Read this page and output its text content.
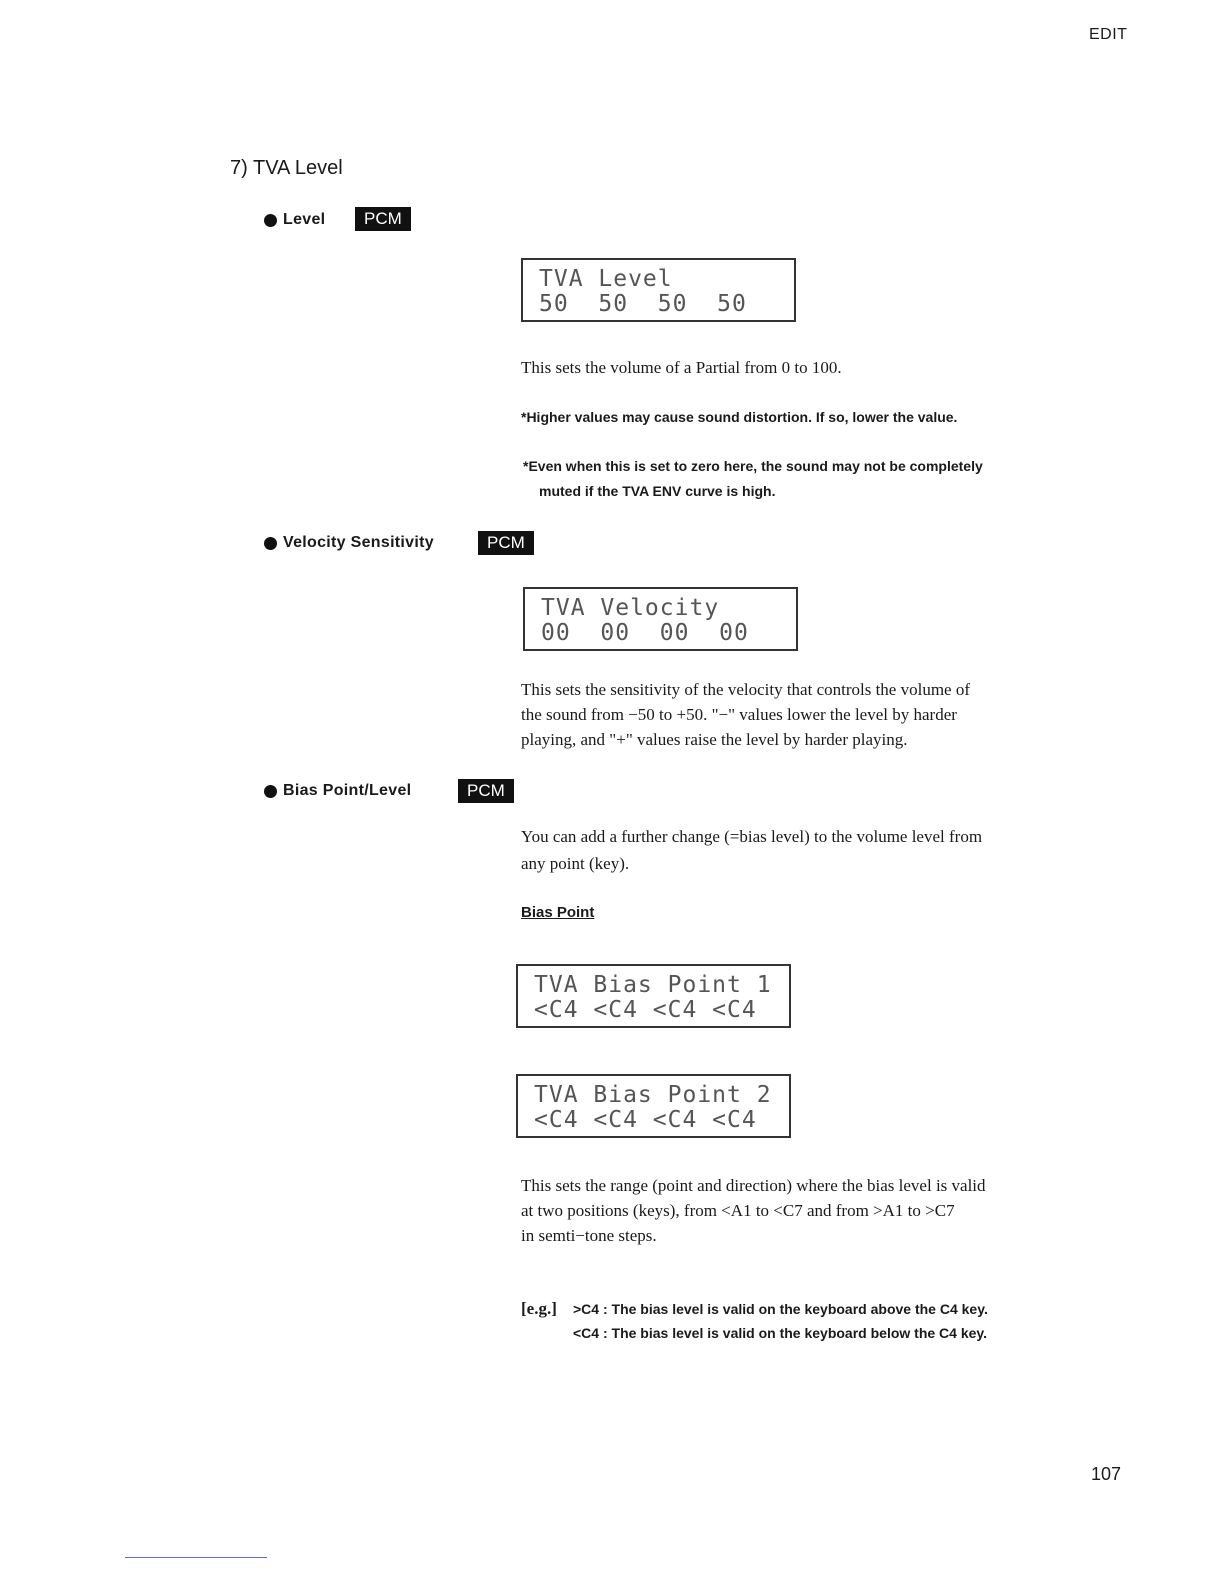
EDIT
7) TVA Level
Level	PCM
TVA Level
50  50  50  50
This sets the volume of a Partial from 0 to 100.
*Higher values may cause sound distortion. If so, lower the value.
*Even when this is set to zero here, the sound may not be completely
muted if the TVA ENV curve is high.
Velocity Sensitivity	PCM
TVA Velocity
00  00  00  00
This sets the sensitivity of the velocity that controls the volume of
the sound from −50 to +50. "−" values lower the level by harder
playing, and "+" values raise the level by harder playing.
Bias Point/Level	PCM
You can add a further change (=bias level) to the volume level from
any point (key).
Bias Point
TVA Bias Point 1
<C4 <C4 <C4 <C4
TVA Bias Point 2
<C4 <C4 <C4 <C4
This sets the range (point and direction) where the bias level is valid
at two positions (keys), from <A1 to <C7 and from >A1 to >C7
in semti−tone steps.
[e.g.] >C4 : The bias level is valid on the keyboard above the C4 key.
<C4 : The bias level is valid on the keyboard below the C4 key.
107
